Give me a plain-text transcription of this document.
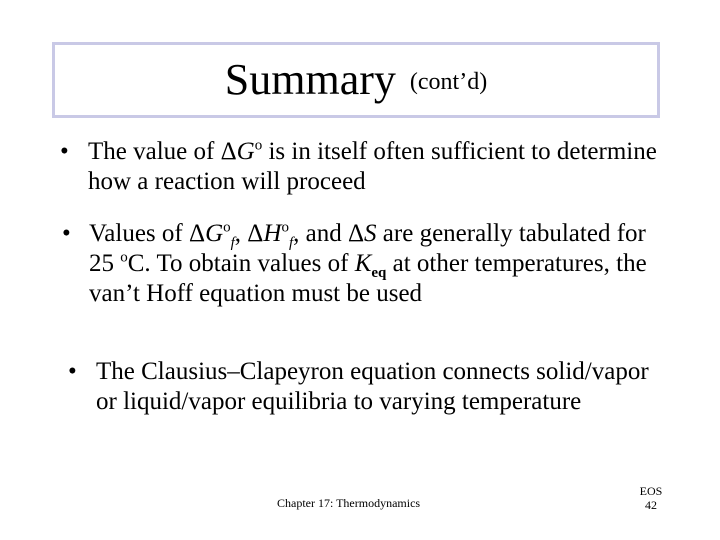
Summary (cont’d)
• The value of $\Delta G^o$ is in itself often sufficient to determine how a reaction will proceed
• Values of $\Delta G^o_f$, $\Delta H^o_f$, and ΔS are generally tabulated for 25 $^o$C. To obtain values of $K_{eq}$ at other temperatures, the van’t Hoff equation must be used
• The Clausius–Clapeyron equation connects solid/vapor or liquid/vapor equilibria to varying temperature
Chapter 17: Thermodynamics
EOS
42
